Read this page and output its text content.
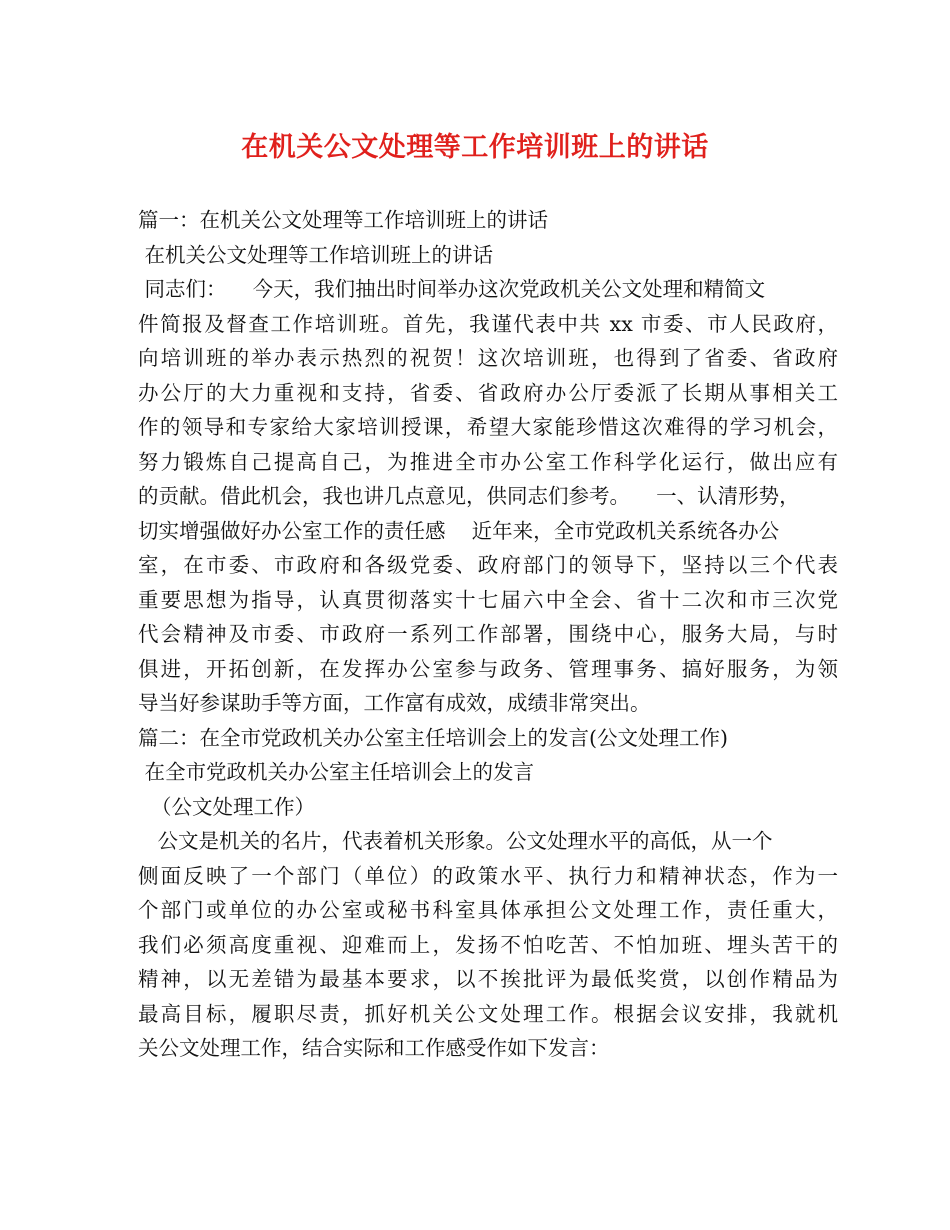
在机关公文处理等工作培训班上的讲话
篇一：在机关公文处理等工作培训班上的讲话
在机关公文处理等工作培训班上的讲话
同志们：    今天，我们抽出时间举办这次党政机关公文处理和精简文
件简报及督查工作培训班。首先，我谨代表中共 xx 市委、市人民政府，
向培训班的举办表示热烈的祝贺！这次培训班，也得到了省委、省政府
办公厅的大力重视和支持，省委、省政府办公厅委派了长期从事相关工
作的领导和专家给大家培训授课，希望大家能珍惜这次难得的学习机会，
努力锻炼自己提高自己，为推进全市办公室工作科学化运行，做出应有
的贡献。借此机会，我也讲几点意见，供同志们参考。    一、认清形势，
切实增强做好办公室工作的责任感    近年来，全市党政机关系统各办公
室，在市委、市政府和各级党委、政府部门的领导下，坚持以三个代表
重要思想为指导，认真贯彻落实十七届六中全会、省十二次和市三次党
代会精神及市委、市政府一系列工作部署，围绕中心，服务大局，与时
俱进，开拓创新，在发挥办公室参与政务、管理事务、搞好服务，为领
导当好参谋助手等方面，工作富有成效，成绩非常突出。
篇二：在全市党政机关办公室主任培训会上的发言(公文处理工作)
在全市党政机关办公室主任培训会上的发言
（公文处理工作）
公文是机关的名片，代表着机关形象。公文处理水平的高低，从一个
侧面反映了一个部门（单位）的政策水平、执行力和精神状态，作为一
个部门或单位的办公室或秘书科室具体承担公文处理工作，责任重大，
我们必须高度重视、迎难而上，发扬不怕吃苦、不怕加班、埋头苦干的
精神，以无差错为最基本要求，以不挨批评为最低奖赏，以创作精品为
最高目标，履职尽责，抓好机关公文处理工作。根据会议安排，我就机
关公文处理工作，结合实际和工作感受作如下发言：
